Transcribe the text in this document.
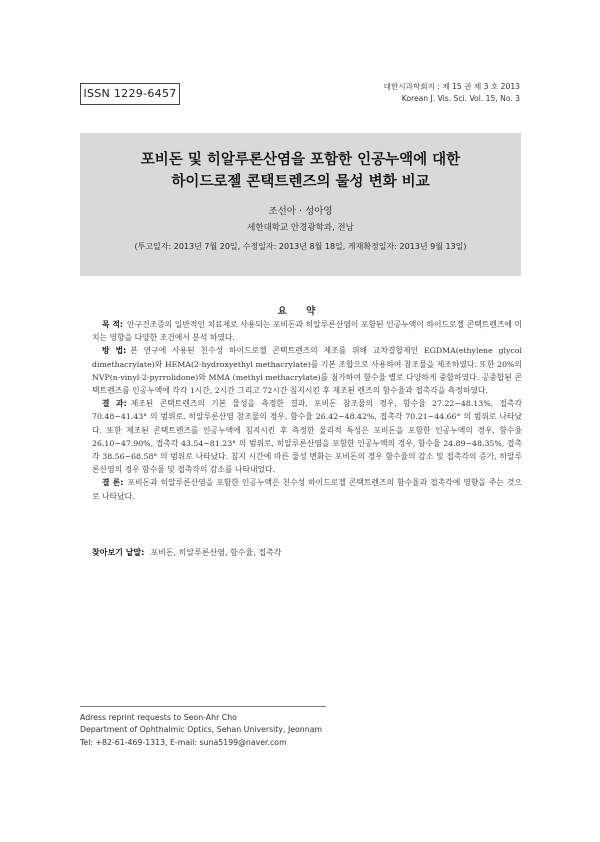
ISSN 1229-6457
대한시과학회지 : 제 15 권 제 3 호 2013
Korean J. Vis. Sci. Vol. 15, No. 3
포비돈 및 히알루론산염을 포함한 인공누액에 대한
하이드로젤 콘택트렌즈의 물성 변화 비교
조선아 · 성아영
세한대학교 안경광학과, 전남
(투고일자: 2013년 7월 20일, 수정일자: 2013년 8월 18일, 게재확정일자: 2013년 9월 13일)
요 약

목 적: 안구건조증의 일반적인 치료제로 사용되는 포비돈과 히알루론산염이 포함된 인공누액이 하이드로젤 콘택트렌즈에 미치는 영향을 다양한 조건에서 분석 하였다.

방 법: 본 연구에 사용된 친수성 하이드로젤 콘택트렌즈의 제조를 위해 교차결합제인 EGDMA(ethylene glycol dimethacrylate)와 HEMA(2-hydroxyethyl methacrylate)를 기본 조합으로 사용하여 참조물을 제조하였다. 또한 20%의 NVP(n-vinyl-2-pyrrolidone)와 MMA (methyl methacrylate)를 첨가하여 함수율 별로 다양하게 중합하였다. 공중합된 콘택트렌즈를 인공누액에 각각 1시간, 2시간 그리고 72시간 침지시킨 후 제조된 렌즈의 함수율과 접촉각을 측정하였다.

결 과: 제조된 콘택트렌즈의 기본 물성을 측정한 결과, 포비돈 참조물의 경우, 함수율 27.22~48.13%, 접촉각 70.48~41.43° 의 범위로, 히알루론산염 참조물의 경우, 함수율 26.42~48.42%, 접촉각 70.21~44.66° 의 범위로 나타났다. 또한 제조된 콘택트렌즈를 인공누액에 침지시킨 후 측정한 물리적 특성은 포비돈을 포함한 인공누액의 경우, 함수율 26.10~47.90%, 접촉각 43.54~81.23° 의 범위로, 히알루론산염을 포함한 인공누액의 경우, 함수율 24.89~48.35%, 접촉각 38.56~68.58° 의 범위로 나타났다. 침지 시간에 따른 물성 변화는 포비돈의 경우 함수율의 감소 및 접촉각의 증가, 히알루론산염의 경우 함수율 및 접촉각의 감소를 나타내었다.

결 론: 포비돈과 히알루론산염을 포함한 인공누액은 친수성 하이드로젤 콘택트렌즈의 함수율과 접촉각에 영향을 주는 것으로 나타났다.

찾아보기 낱말: 포비돈, 히알루론산염, 함수율, 접촉각
Adress reprint requests to Seon-Ahr Cho
Department of Ophthalmic Optics, Sehan University, Jeonnam
Tel: +82-61-469-1313, E-mail: suna5199@naver.com
